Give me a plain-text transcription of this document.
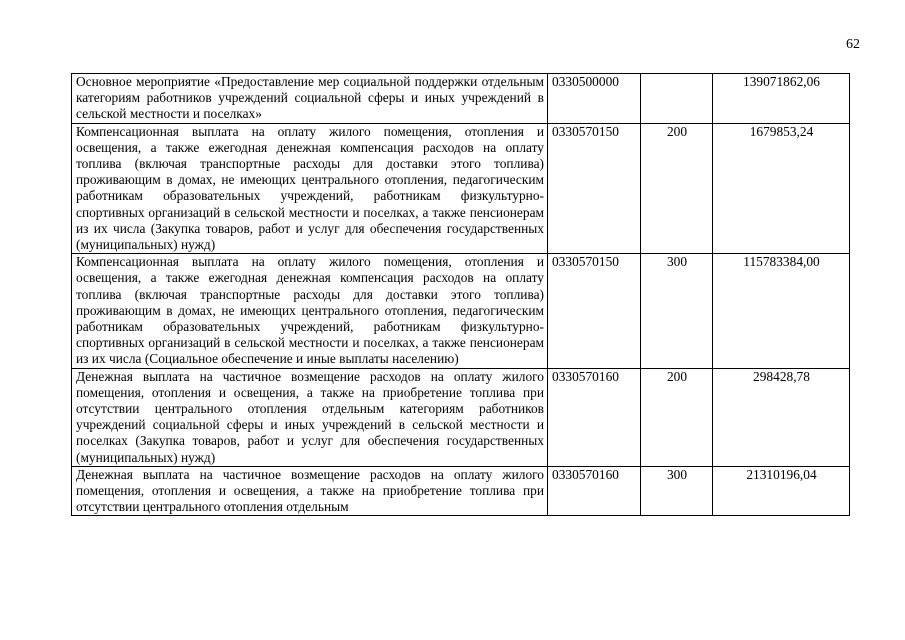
62
Основное мероприятие «Предоставление мер социальной поддержки отдельным категориям работников учреждений социальной сферы и иных учреждений в сельской местности и поселках»	0330500000		139071862,06
Компенсационная выплата на оплату жилого помещения, отопления и освещения, а также ежегодная денежная компенсация расходов на оплату топлива (включая транспортные расходы для доставки этого топлива) проживающим в домах, не имеющих центрального отопления, педагогическим работникам образовательных учреждений, работникам физкультурно-спортивных организаций в сельской местности и поселках, а также пенсионерам из их числа (Закупка товаров, работ и услуг для обеспечения государственных (муниципальных) нужд)	0330570150	200	1679853,24
Компенсационная выплата на оплату жилого помещения, отопления и освещения, а также ежегодная денежная компенсация расходов на оплату топлива (включая транспортные расходы для доставки этого топлива) проживающим в домах, не имеющих центрального отопления, педагогическим работникам образовательных учреждений, работникам физкультурно-спортивных организаций в сельской местности и поселках, а также пенсионерам из их числа (Социальное обеспечение и иные выплаты населению)	0330570150	300	115783384,00
Денежная выплата на частичное возмещение расходов на оплату жилого помещения, отопления и освещения, а также на приобретение топлива при отсутствии центрального отопления отдельным категориям работников учреждений социальной сферы и иных учреждений в сельской местности и поселках (Закупка товаров, работ и услуг для обеспечения государственных (муниципальных) нужд)	0330570160	200	298428,78
Денежная выплата на частичное возмещение расходов на оплату жилого помещения, отопления и освещения, а также на приобретение топлива при отсутствии центрального отопления отдельным	0330570160	300	21310196,04
